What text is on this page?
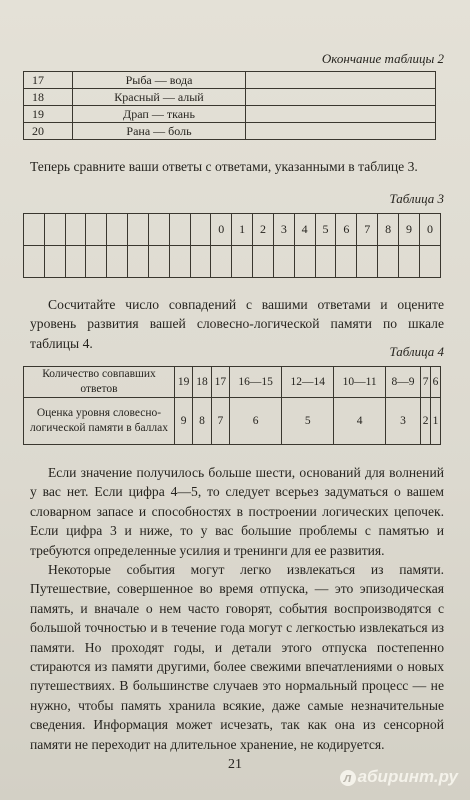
Окончание таблицы 2
17	Рыба — вода	
18	Красный — алый	
19	Драп — ткань	
20	Рана — боль	

Теперь сравните ваши ответы с ответами, указанными в таблице 3.

Таблица 3
									0	1	2	3	4	5	6	7	8	9	0

Сосчитайте число совпадений с вашими ответами и оцените уровень развития вашей словесно-логической памяти по шкале таблицы 4.

Таблица 4
Количество совпавших ответов	19	18	17	16—15	12—14	10—11	8—9	7	6
Оценка уровня словесно-логической памяти в баллах	9	8	7	6	5	4	3	2	1

Если значение получилось больше шести, оснований для волнений у вас нет. Если цифра 4—5, то следует всерьез задуматься о вашем словарном запасе и способностях в построении логических цепочек. Если цифра 3 и ниже, то у вас большие проблемы с памятью и требуются определенные усилия и тренинги для ее развития.

Некоторые события могут легко извлекаться из памяти. Путешествие, совершенное во время отпуска, — это эпизодическая память, и вначале о нем часто говорят, события воспроизводятся с большой точностью и в течение года могут с легкостью извлекаться из памяти. Но проходят годы, и детали этого отпуска постепенно стираются из памяти другими, более свежими впечатлениями о новых путешествиях. В большинстве случаев это нормальный процесс — не нужно, чтобы память хранила всякие, даже самые незначительные сведения. Информация может исчезать, так как она из сенсорной памяти не переходит на длительное хранение, не кодируется.

21
л абиринт.ру
